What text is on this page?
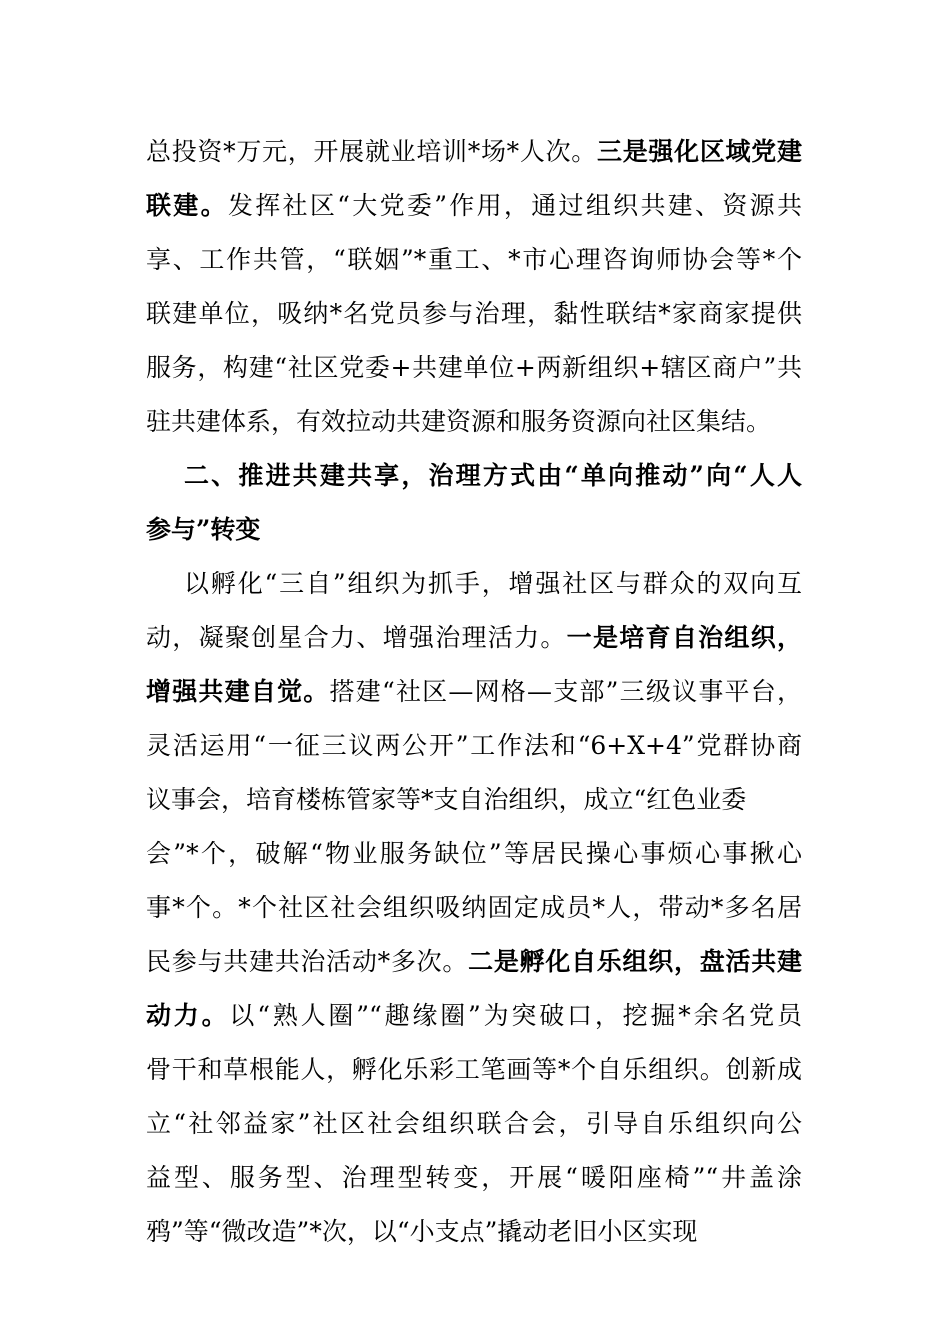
总投资*万元，开展就业培训*场*人次。三是强化区域党建
联建。发挥社区“大党委”作用，通过组织共建、资源共
享、工作共管，“联姻”*重工、*市心理咨询师协会等*个
联建单位，吸纳*名党员参与治理，黏性联结*家商家提供
服务，构建“社区党委+共建单位+两新组织+辖区商户”共
驻共建体系，有效拉动共建资源和服务资源向社区集结。
二、推进共建共享，治理方式由“单向推动”向“人人
参与”转变
以孵化“三自”组织为抓手，增强社区与群众的双向互
动，凝聚创星合力、增强治理活力。一是培育自治组织，
增强共建自觉。搭建“社区—网格—支部”三级议事平台，
灵活运用“一征三议两公开”工作法和“6+X+4”党群协商
议事会，培育楼栋管家等*支自治组织，成立“红色业委
会”*个，破解“物业服务缺位”等居民操心事烦心事揪心
事*个。*个社区社会组织吸纳固定成员*人，带动*多名居
民参与共建共治活动*多次。二是孵化自乐组织，盘活共建
动力。以“熟人圈”“趣缘圈”为突破口，挖掘*余名党员
骨干和草根能人，孵化乐彩工笔画等*个自乐组织。创新成
立“社邻益家”社区社会组织联合会，引导自乐组织向公
益型、服务型、治理型转变，开展“暖阳座椅”“井盖涂
鸦”等“微改造”*次，以“小支点”撬动老旧小区实现
